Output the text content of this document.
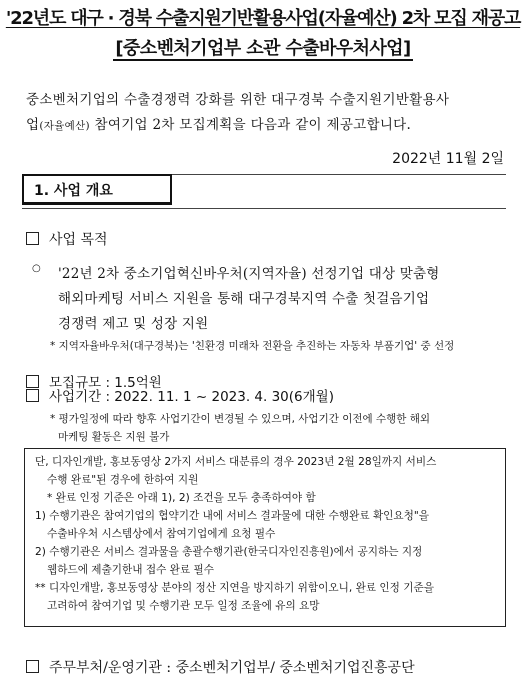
'22년도 대구 · 경북 수출지원기반활용사업(자율예산) 2차 모집 재공고
[중소벤처기업부 소관 수출바우처사업]
중소벤처기업의 수출경쟁력 강화를 위한 대구경북 수출지원기반활용사
업(자율예산) 참여기업 2차 모집계획을 다음과 같이 제공고합니다.
2022년 11월 2일
1. 사업 개요
사업 목적
○ '22년 2차 중소기업혁신바우처(지역자율) 선정기업 대상 맞춤형
해외마케팅 서비스 지원을 통해 대구경북지역 수출 첫걸음기업
경쟁력 제고 및 성장 지원
* 지역자율바우처(대구경북)는 '친환경 미래차 전환을 추진하는 자동차 부품기업' 중 선정
모집규모 : 1.5억원
사업기간 : 2022. 11. 1 ~ 2023. 4. 30(6개월)
* 평가일정에 따라 향후 사업기간이 변경될 수 있으며, 사업기간 이전에 수행한 해외
마케팅 활동은 지원 불가
단, 디자인개발, 홍보동영상 2가지 서비스 대분류의 경우 2023년 2월 28일까지 서비스
수행 완료"된 경우에 한하여 지원
* 완료 인정 기준은 아래 1), 2) 조건을 모두 충족하여야 함
1) 수행기관은 참여기업의 협약기간 내에 서비스 결과물에 대한 수행완료 확인요청"을
수출바우처 시스템상에서 참여기업에게 요청 필수
2) 수행기관은 서비스 결과물을 총괄수행기관(한국디자인진흥원)에서 공지하는 지정
웹하드에 제출기한내 접수 완료 필수
** 디자인개발, 홍보동영상 분야의 정산 지연을 방지하기 위함이오니, 완료 인정 기준을
고려하여 참여기업 및 수행기관 모두 일정 조율에 유의 요망
주무부처/운영기관 : 중소벤처기업부/ 중소벤처기업진흥공단
